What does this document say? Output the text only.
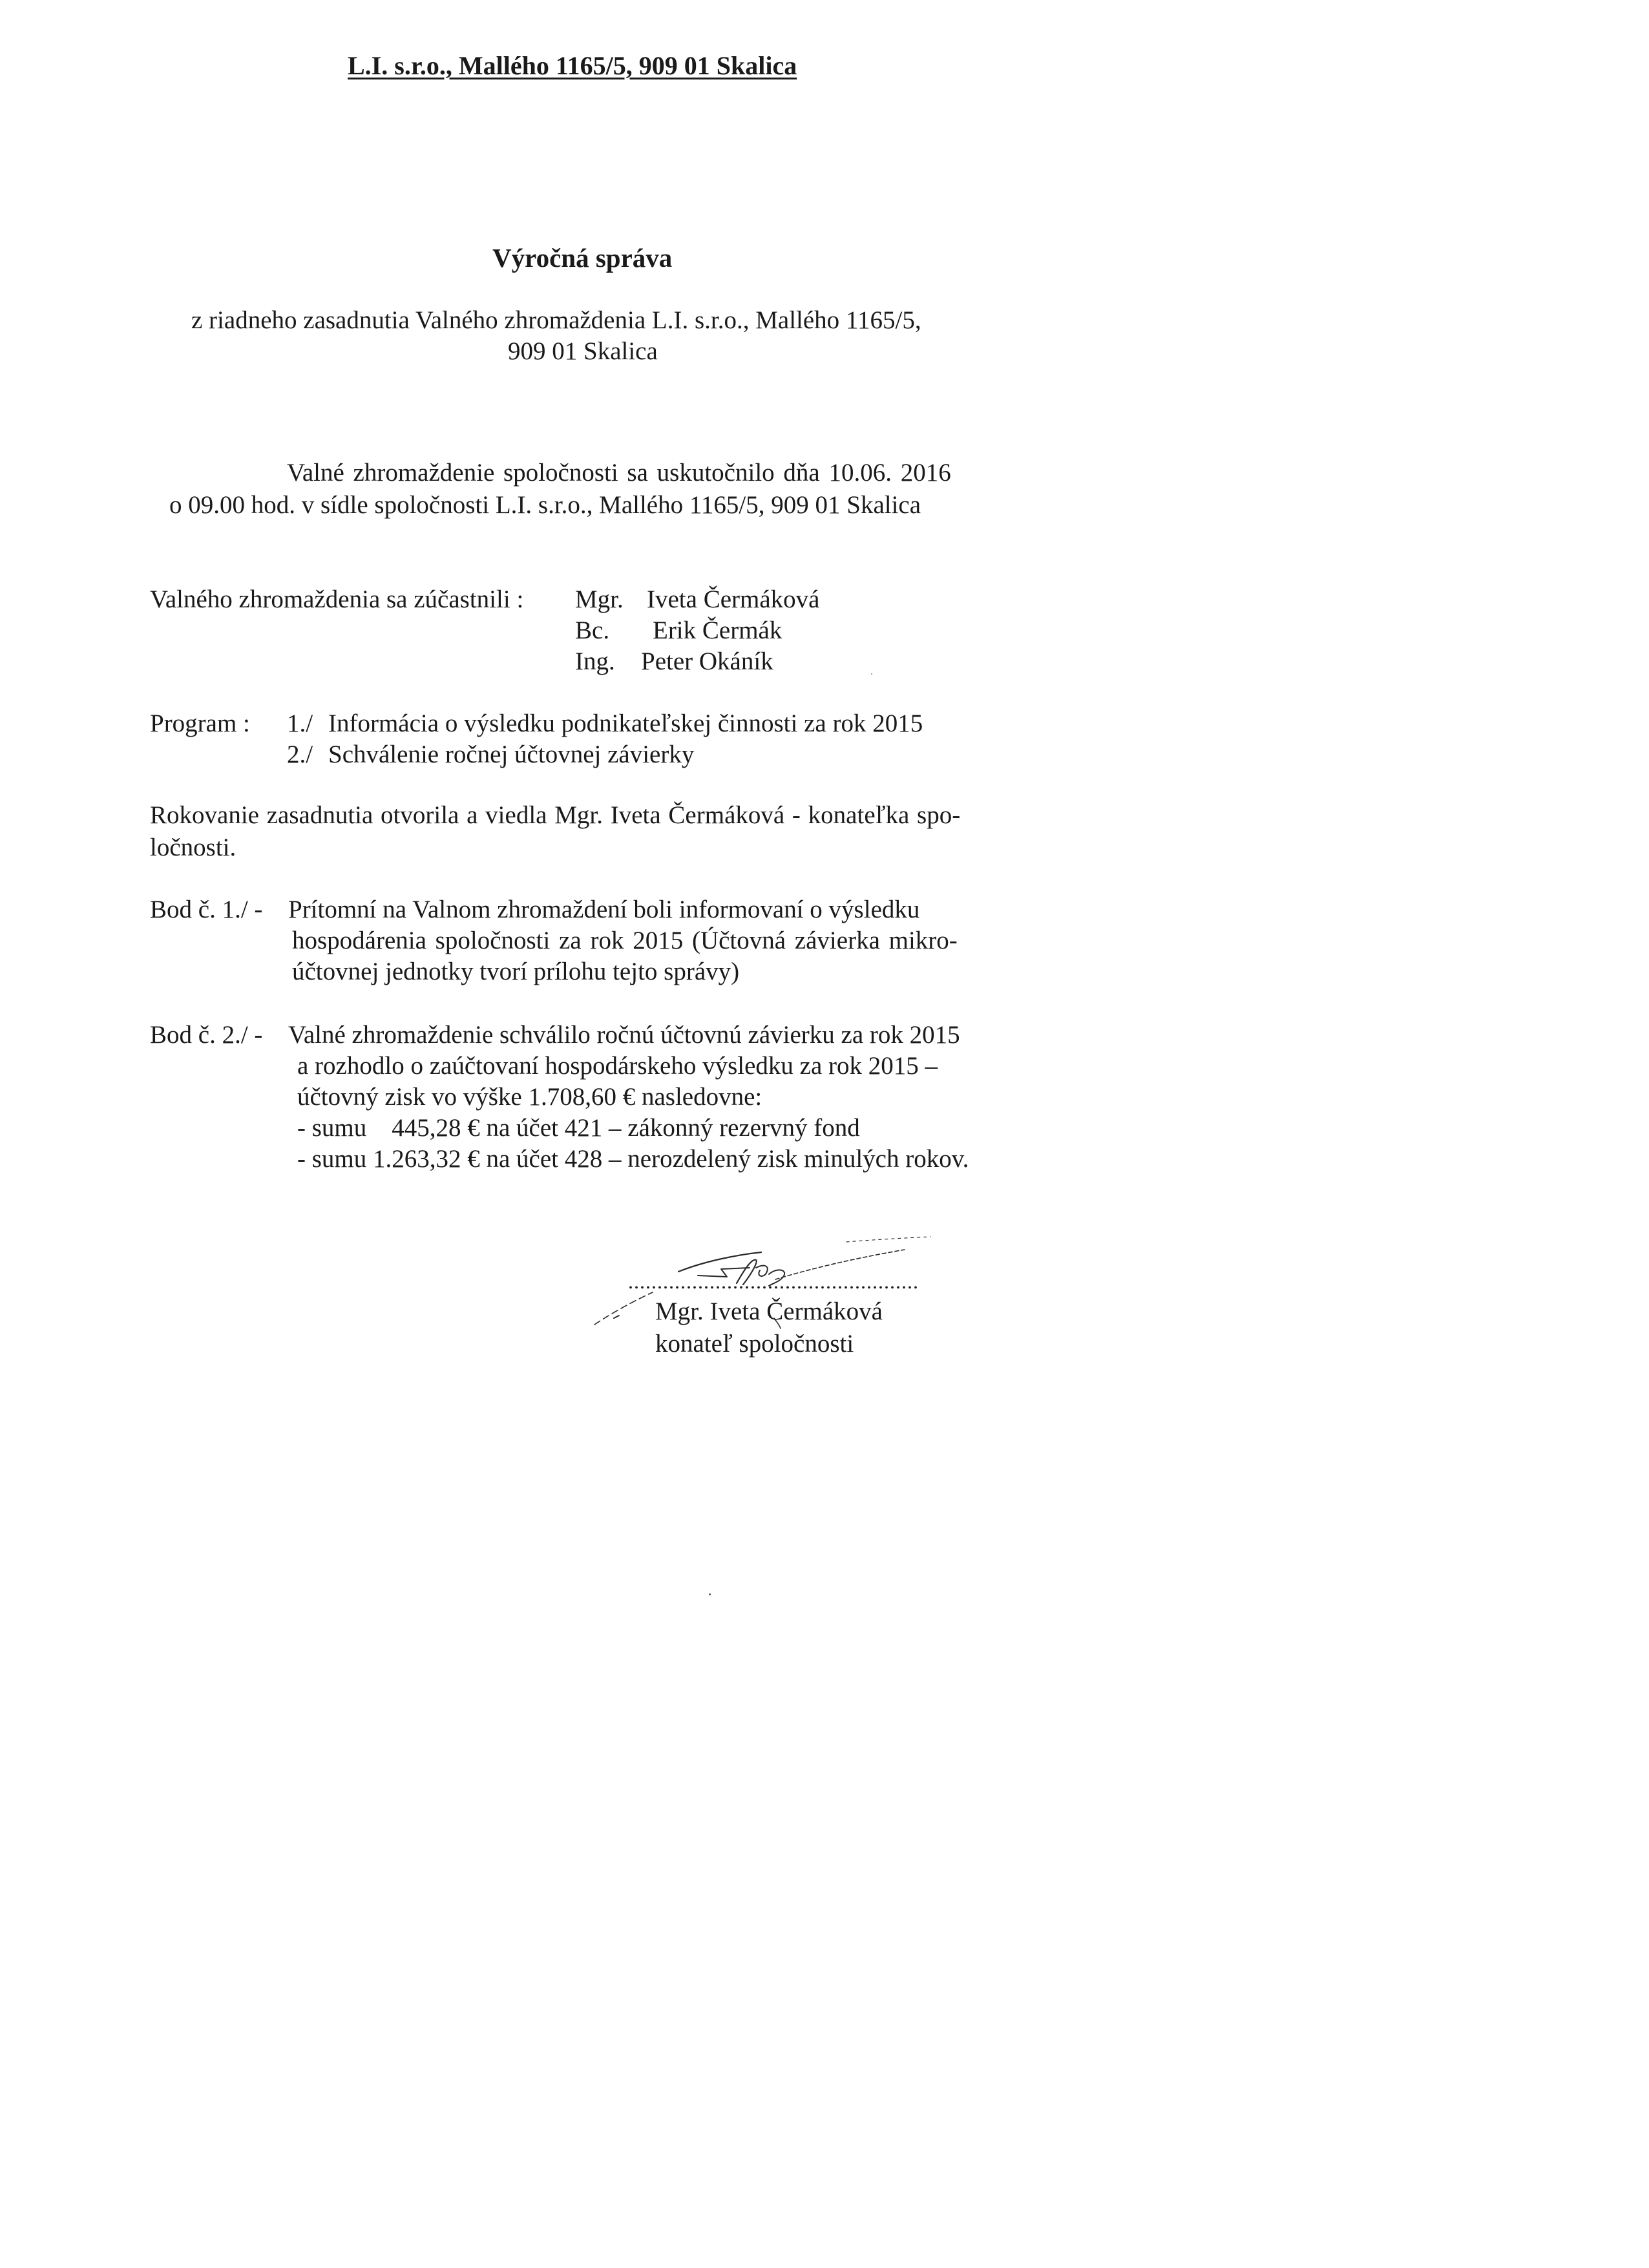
L.I. s.r.o., Mallého 1165/5, 909 01 Skalica
Výročná správa
z riadneho zasadnutia Valného zhromaždenia L.I. s.r.o., Mallého 1165/5,
909 01 Skalica
Valné zhromaždenie spoločnosti sa uskutočnilo dňa 10.06. 2016
o 09.00 hod. v sídle spoločnosti L.I. s.r.o., Mallého 1165/5, 909 01 Skalica
Valného zhromaždenia sa zúčastnili : Mgr. Iveta Čermáková
Bc. Erik Čermák
Ing. Peter Okáník
Program : 1./ Informácia o výsledku podnikateľskej činnosti za rok 2015
2./ Schválenie ročnej účtovnej závierky
Rokovanie zasadnutia otvorila a viedla Mgr. Iveta Čermáková - konateľka spo-
ločnosti.
Bod č. 1./ - Prítomní na Valnom zhromaždení boli informovaní o výsledku
hospodárenia spoločnosti za rok 2015 (Účtovná závierka mikro-
účtovnej jednotky tvorí prílohu tejto správy)
Bod č. 2./ - Valné zhromaždenie schválilo ročnú účtovnú závierku za rok 2015
a rozhodlo o zaúčtovaní hospodárskeho výsledku za rok 2015 –
účtovný zisk vo výške 1.708,60 € nasledovne:
- sumu    445,28 € na účet 421 – zákonný rezervný fond
- sumu 1.263,32 € na účet 428 – nerozdelený zisk minulých rokov.
..................................................
Mgr. Iveta Čermáková
konateľ spoločnosti
